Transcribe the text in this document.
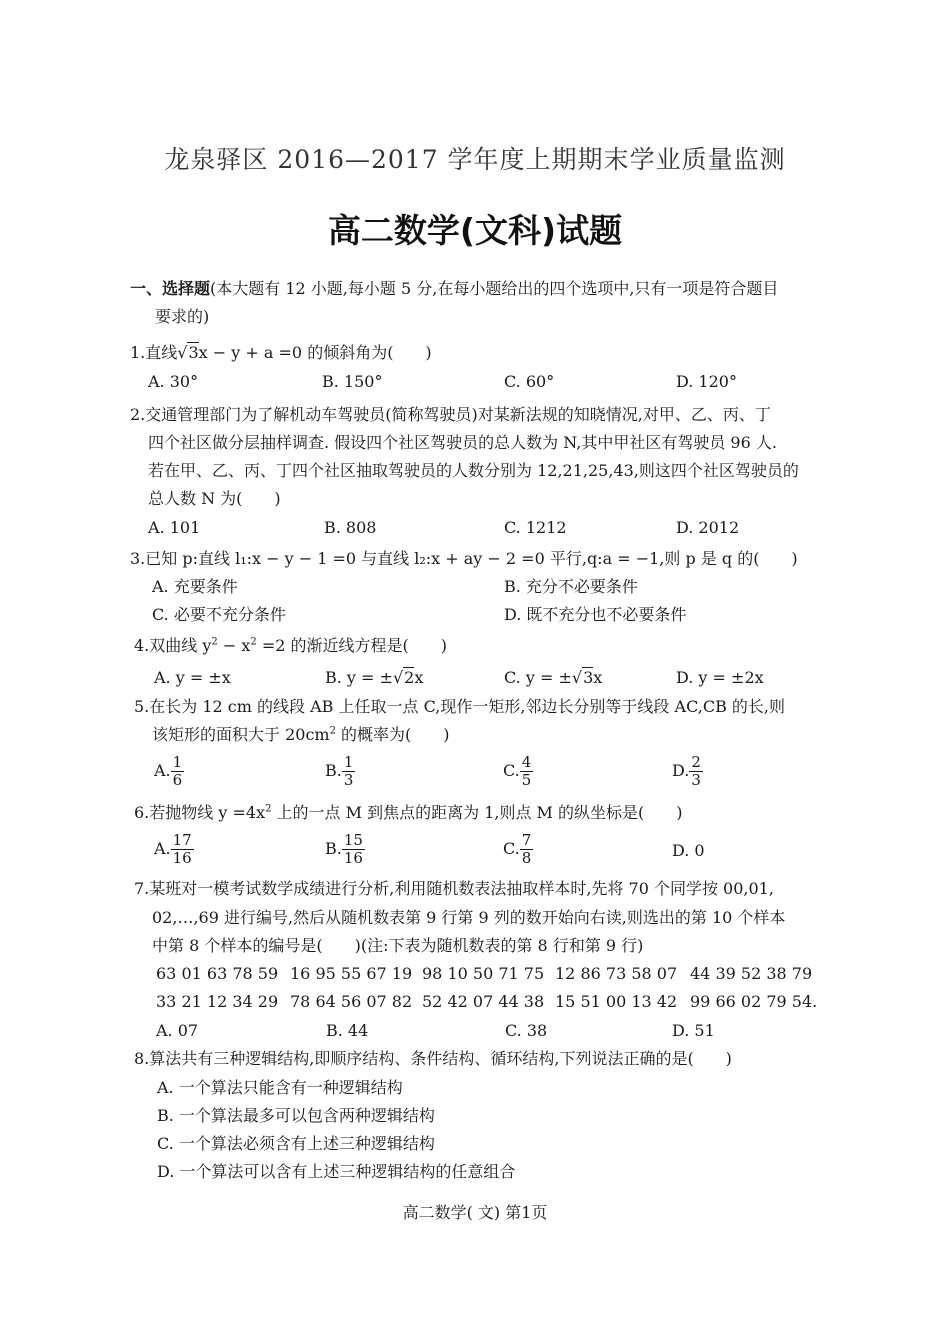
龙泉驿区 2016—2017 学年度上期期末学业质量监测
高二数学(文科)试题
一、选择题(本大题有 12 小题,每小题 5 分,在每小题给出的四个选项中,只有一项是符合题目
要求的)
1.直线√3x − y + a =0 的倾斜角为(　　)
A. 30°	B. 150°	C. 60°	D. 120°
2.交通管理部门为了解机动车驾驶员(简称驾驶员)对某新法规的知晓情况,对甲、乙、丙、丁
四个社区做分层抽样调查. 假设四个社区驾驶员的总人数为 N,其中甲社区有驾驶员 96 人.
若在甲、乙、丙、丁四个社区抽取驾驶员的人数分别为 12,21,25,43,则这四个社区驾驶员的
总人数 N 为(　　)
A. 101	B. 808	C. 1212	D. 2012
3.已知 p:直线 l₁:x − y − 1 =0 与直线 l₂:x + ay − 2 =0 平行,q:a = −1,则 p 是 q 的(　　)
A. 充要条件	B. 充分不必要条件
C. 必要不充分条件	D. 既不充分也不必要条件
4.双曲线 $y^2 - x^2 =2$ 的渐近线方程是(　　)
A. y = ±x	B. y = ±√2x	C. y = ±√3x	D. y = ±2x
5.在长为 12 cm 的线段 AB 上任取一点 C,现作一矩形,邻边长分别等于线段 AC,CB 的长,则
该矩形的面积大于 $20cm^2$ 的概率为(　　)
A. $\frac{1}{6}$	B. $\frac{1}{3}$	C. $\frac{4}{5}$	D. $\frac{2}{3}$
6.若抛物线 $y =4x^2$ 上的一点 M 到焦点的距离为 1,则点 M 的纵坐标是(　　)
A. $\frac{17}{16}$	B. $\frac{15}{16}$	C. $\frac{7}{8}$	D. 0
7.某班对一模考试数学成绩进行分析,利用随机数表法抽取样本时,先将 70 个同学按 00,01,
02,…,69 进行编号,然后从随机数表第 9 行第 9 列的数开始向右读,则选出的第 10 个样本
中第 8 个样本的编号是(　　)(注:下表为随机数表的第 8 行和第 9 行)
63 01 63 78 59 16 95 55 67 19 98 10 50 71 75 12 86 73 58 07 44 39 52 38 79
33 21 12 34 29 78 64 56 07 82 52 42 07 44 38 15 51 00 13 42 99 66 02 79 54.
A. 07	B. 44	C. 38	D. 51
8.算法共有三种逻辑结构,即顺序结构、条件结构、循环结构,下列说法正确的是(　　)
A. 一个算法只能含有一种逻辑结构
B. 一个算法最多可以包含两种逻辑结构
C. 一个算法必须含有上述三种逻辑结构
D. 一个算法可以含有上述三种逻辑结构的任意组合
高二数学( 文) 第1页
